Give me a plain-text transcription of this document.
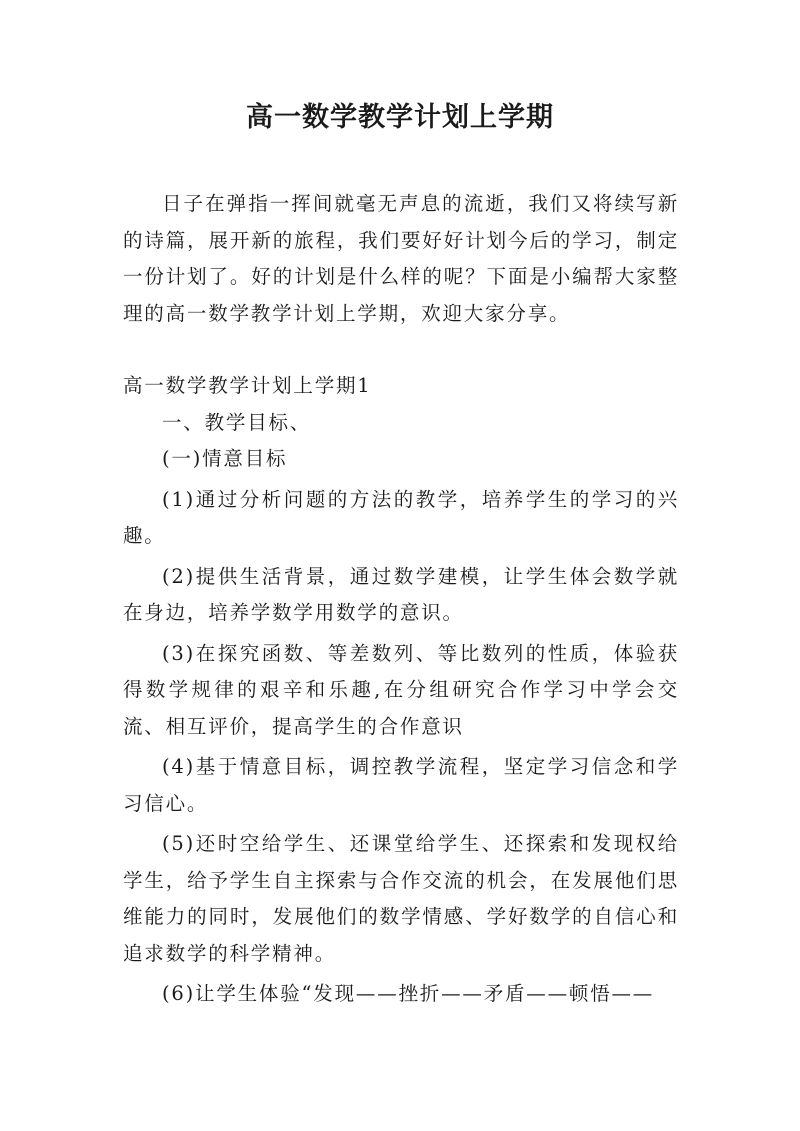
高一数学教学计划上学期

日子在弹指一挥间就毫无声息的流逝，我们又将续写新的诗篇，展开新的旅程，我们要好好计划今后的学习，制定一份计划了。好的计划是什么样的呢？下面是小编帮大家整理的高一数学教学计划上学期，欢迎大家分享。

高一数学教学计划上学期1

一、教学目标、

(一)情意目标

(1)通过分析问题的方法的教学，培养学生的学习的兴趣。

(2)提供生活背景，通过数学建模，让学生体会数学就在身边，培养学数学用数学的意识。

(3)在探究函数、等差数列、等比数列的性质，体验获得数学规律的艰辛和乐趣,在分组研究合作学习中学会交流、相互评价，提高学生的合作意识

(4)基于情意目标，调控教学流程，坚定学习信念和学习信心。

(5)还时空给学生、还课堂给学生、还探索和发现权给学生，给予学生自主探索与合作交流的机会，在发展他们思维能力的同时，发展他们的数学情感、学好数学的自信心和追求数学的科学精神。

(6)让学生体验“发现——挫折——矛盾——顿悟——
